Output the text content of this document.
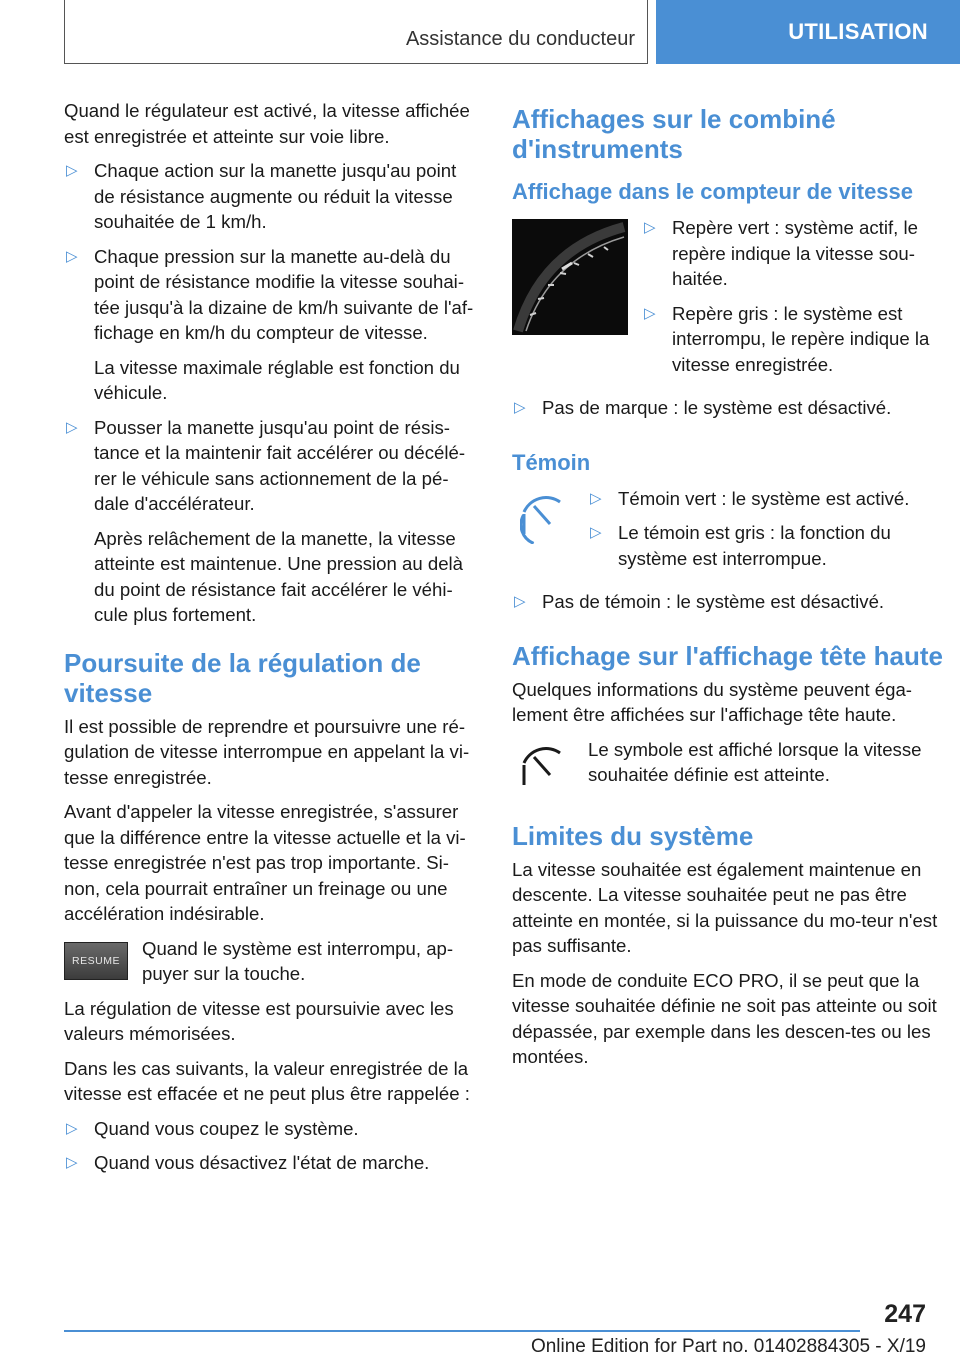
Assistance du conducteur	UTILISATION

Quand le régulateur est activé, la vitesse affichée est enregistrée et atteinte sur voie libre.

▷ Chaque action sur la manette jusqu'au point de résistance augmente ou réduit la vitesse souhaitée de 1 km/h.
▷ Chaque pression sur la manette au-delà du point de résistance modifie la vitesse souhai-tée jusqu'à la dizaine de km/h suivante de l'af-fichage en km/h du compteur de vitesse.
La vitesse maximale réglable est fonction du véhicule.
▷ Pousser la manette jusqu'au point de résis-tance et la maintenir fait accélérer ou décélé-rer le véhicule sans actionnement de la pé-dale d'accélérateur.
Après relâchement de la manette, la vitesse atteinte est maintenue. Une pression au delà du point de résistance fait accélérer le véhi-cule plus fortement.
Poursuite de la régulation de vitesse

Il est possible de reprendre et poursuivre une ré-gulation de vitesse interrompue en appelant la vi-tesse enregistrée.

Avant d'appeler la vitesse enregistrée, s'assurer que la différence entre la vitesse actuelle et la vi-tesse enregistrée n'est pas trop importante. Si-non, cela pourrait entraîner un freinage ou une accélération indésirable.

RESUME
Quand le système est interrompu, ap-puyer sur la touche.

La régulation de vitesse est poursuivie avec les valeurs mémorisées.

Dans les cas suivants, la valeur enregistrée de la vitesse est effacée et ne peut plus être rappelée :

▷ Quand vous coupez le système.
▷ Quand vous désactivez l'état de marche.
Affichages sur le combiné d'instruments
Affichage dans le compteur de vitesse
▷ Repère vert : système actif, le repère indique la vitesse sou-haitée.
▷ Repère gris : le système est interrompu, le repère indique la vitesse enregistrée.
▷ Pas de marque : le système est désactivé.
Témoin
▷ Témoin vert : le système est activé.
▷ Le témoin est gris : la fonction du système est interrompue.
▷ Pas de témoin : le système est désactivé.
Affichage sur l'affichage tête haute

Quelques informations du système peuvent éga-lement être affichées sur l'affichage tête haute.

Le symbole est affiché lorsque la vitesse souhaitée définie est atteinte.
Limites du système

La vitesse souhaitée est également maintenue en descente. La vitesse souhaitée peut ne pas être atteinte en montée, si la puissance du mo-teur n'est pas suffisante.

En mode de conduite ECO PRO, il se peut que la vitesse souhaitée définie ne soit pas atteinte ou soit dépassée, par exemple dans les descen-tes ou les montées.

247
Online Edition for Part no. 01402884305 - X/19
